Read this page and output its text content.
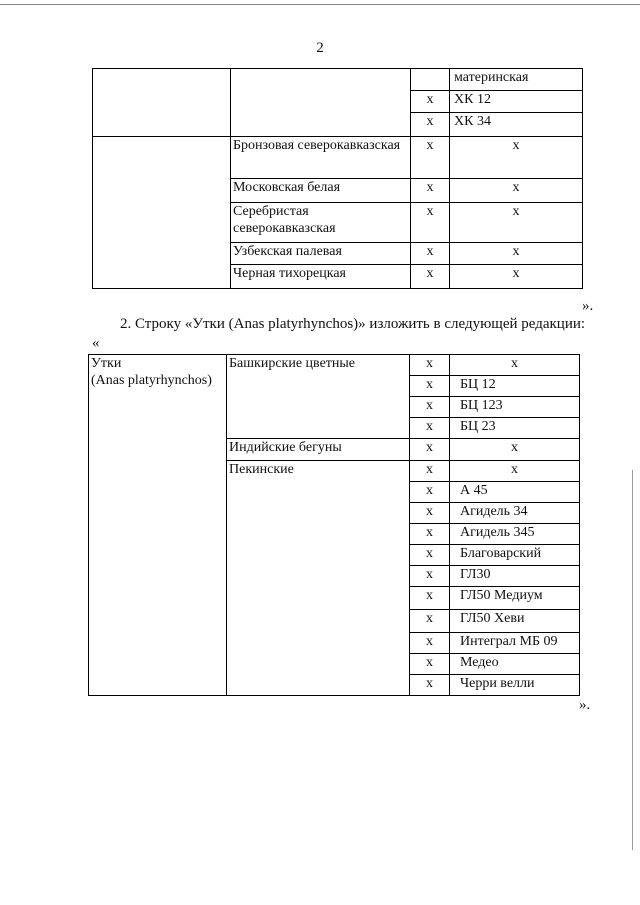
2
			материнская
		x	ХК 12
		x	ХК 34
	Бронзовая северокавказская	x	x
	Московская белая	x	x
	Серебристая северокавказская	x	x
	Узбекская палевая	x	x
	Черная тихорецкая	x	x
».
2. Строку «Утки (Anas platyrhynchos)» изложить в следующей редакции:
«
Утки
(Anas platyrhynchos)	Башкирские цветные	x	x
		x	БЦ 12
		x	БЦ 123
		x	БЦ 23
	Индийские бегуны	x	x
	Пекинские	x	x
		x	А 45
		x	Агидель 34
		x	Агидель 345
		x	Благоварский
		x	ГЛ30
		x	ГЛ50 Медиум
		x	ГЛ50 Хеви
		x	Интеграл МБ 09
		x	Медео
		x	Черри велли
».
